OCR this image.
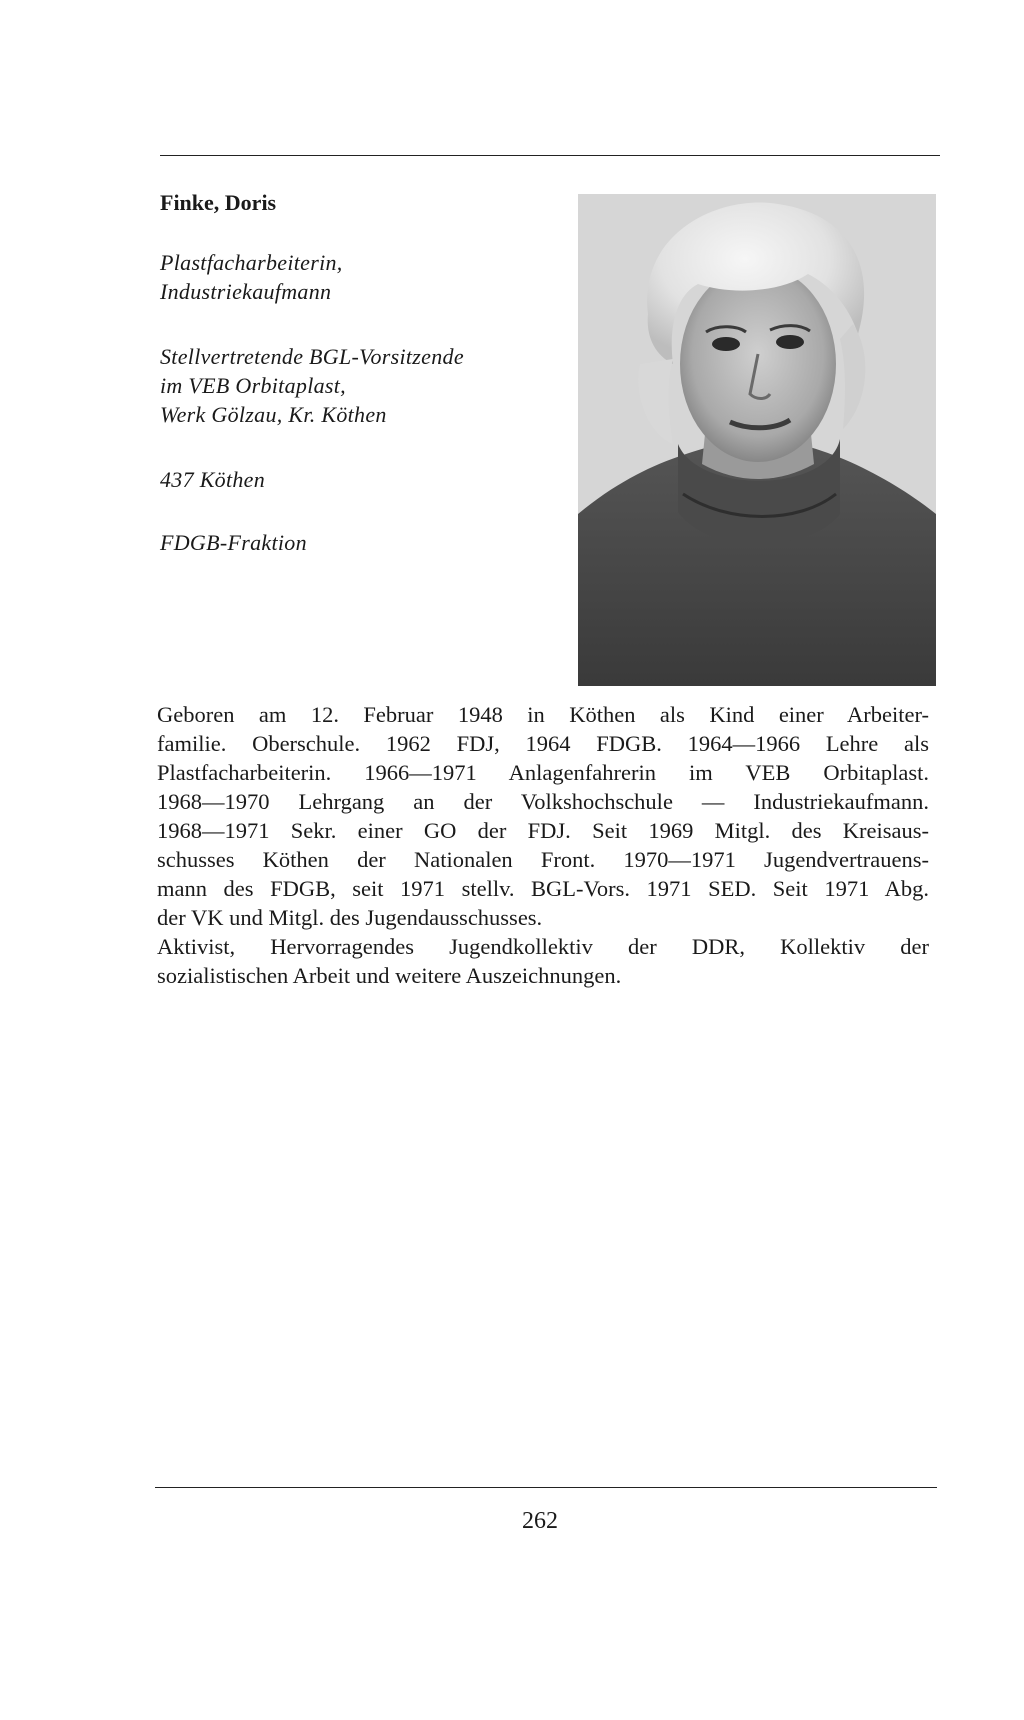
Finke, Doris
Plastfacharbeiterin,
Industriekaufmann
Stellvertretende BGL-Vorsitzende
im VEB Orbitaplast,
Werk Gölzau, Kr. Köthen
437 Köthen
FDGB-Fraktion
Geboren am 12. Februar 1948 in Köthen als Kind einer Arbeiter-
familie. Oberschule. 1962 FDJ, 1964 FDGB. 1964—1966 Lehre als
Plastfacharbeiterin. 1966—1971 Anlagenfahrerin im VEB Orbitaplast.
1968—1970 Lehrgang an der Volkshochschule — Industriekaufmann.
1968—1971 Sekr. einer GO der FDJ. Seit 1969 Mitgl. des Kreisaus-
schusses Köthen der Nationalen Front. 1970—1971 Jugendvertrauens-
mann des FDGB, seit 1971 stellv. BGL-Vors. 1971 SED. Seit 1971 Abg.
der VK und Mitgl. des Jugendausschusses.
Aktivist, Hervorragendes Jugendkollektiv der DDR, Kollektiv der
sozialistischen Arbeit und weitere Auszeichnungen.
262
